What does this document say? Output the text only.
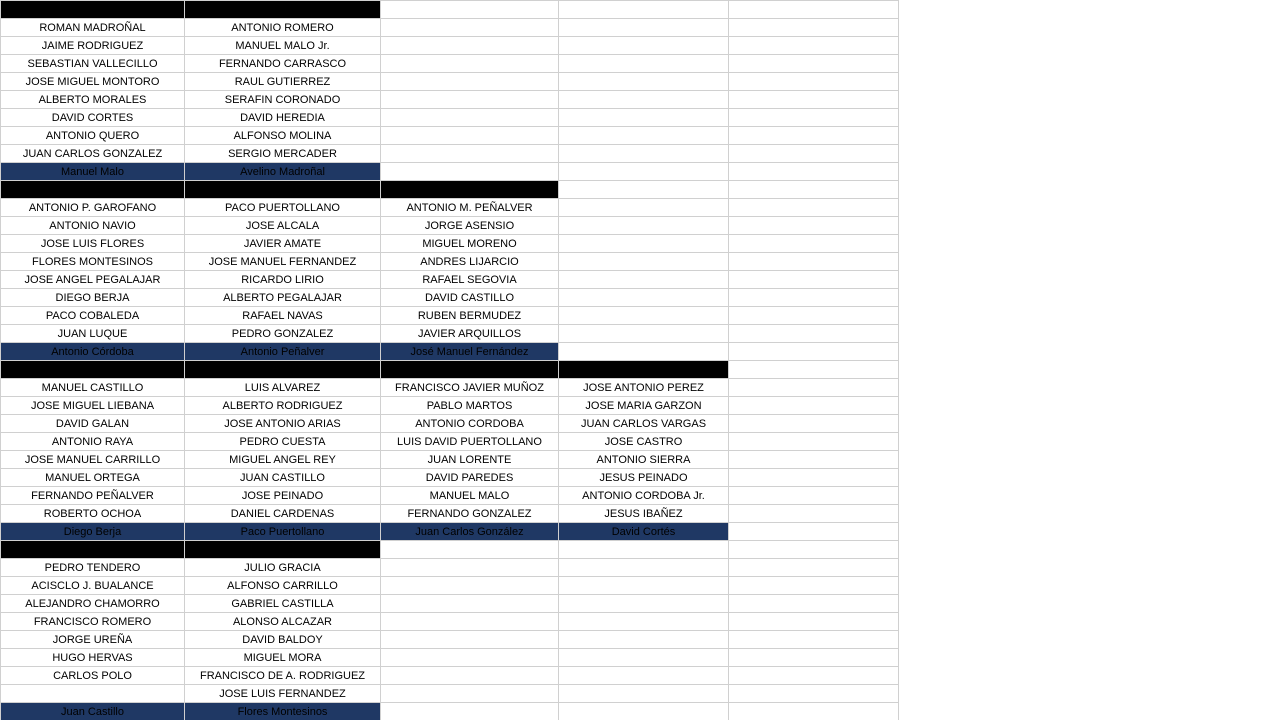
GRUPO DORADO	GRUPO PLATINO			
ROMAN MADROÑAL	ANTONIO ROMERO			
JAIME RODRIGUEZ	MANUEL MALO Jr.			
SEBASTIAN VALLECILLO	FERNANDO CARRASCO			
JOSE MIGUEL MONTORO	RAUL GUTIERREZ			
ALBERTO MORALES	SERAFIN CORONADO			
DAVID CORTES	DAVID HEREDIA			
ANTONIO QUERO	ALFONSO MOLINA			
JUAN CARLOS GONZALEZ	SERGIO MERCADER			
Manuel Malo	Avelino Madroñal			
GRUPO AMARILLO	GRUPOROJO	GRUPO VIOLETA		
ANTONIO P. GAROFANO	PACO PUERTOLLANO	ANTONIO M. PEÑALVER		
ANTONIO NAVIO	JOSE ALCALA	JORGE ASENSIO		
JOSE LUIS FLORES	JAVIER AMATE	MIGUEL MORENO		
FLORES MONTESINOS	JOSE MANUEL FERNANDEZ	ANDRES LIJARCIO		
JOSE ANGEL PEGALAJAR	RICARDO LIRIO	RAFAEL SEGOVIA		
DIEGO BERJA	ALBERTO PEGALAJAR	DAVID CASTILLO		
PACO COBALEDA	RAFAEL NAVAS	RUBEN BERMUDEZ		
JUAN LUQUE	PEDRO GONZALEZ	JAVIER ARQUILLOS		
Antonio Córdoba	Antonio Peñalver	José Manuel Fernández		
GRUPO BLANCO	GRUPO VERDE	GRUPO AZUL	GRUPO MARRON	
MANUEL CASTILLO	LUIS ALVAREZ	FRANCISCO JAVIER MUÑOZ	JOSE ANTONIO PEREZ	
JOSE MIGUEL LIEBANA	ALBERTO RODRIGUEZ	PABLO MARTOS	JOSE MARIA GARZON	
DAVID GALAN	JOSE ANTONIO ARIAS	ANTONIO CORDOBA	JUAN CARLOS VARGAS	
ANTONIO RAYA	PEDRO CUESTA	LUIS DAVID PUERTOLLANO	JOSE CASTRO	
JOSE MANUEL CARRILLO	MIGUEL ANGEL REY	JUAN LORENTE	ANTONIO SIERRA	
MANUEL ORTEGA	JUAN CASTILLO	DAVID PAREDES	JESUS PEINADO	
FERNANDO PEÑALVER	JOSE PEINADO	MANUEL MALO	ANTONIO CORDOBA Jr.	
ROBERTO OCHOA	DANIEL CARDENAS	FERNANDO GONZALEZ	JESUS IBAÑEZ	
Diego Berja	Paco Puertollano	Juan Carlos González	David Cortés	
GRUPO NEGRO	GRUPO NARANJA			
PEDRO TENDERO	JULIO GRACIA			
ACISCLO J. BUALANCE	ALFONSO CARRILLO			
ALEJANDRO CHAMORRO	GABRIEL CASTILLA			
FRANCISCO ROMERO	ALONSO ALCAZAR			
JORGE UREÑA	DAVID BALDOY			
HUGO HERVAS	MIGUEL MORA			
CARLOS POLO	FRANCISCO DE A. RODRIGUEZ			
	JOSE LUIS FERNANDEZ			
Juan Castillo	Flores Montesinos			
